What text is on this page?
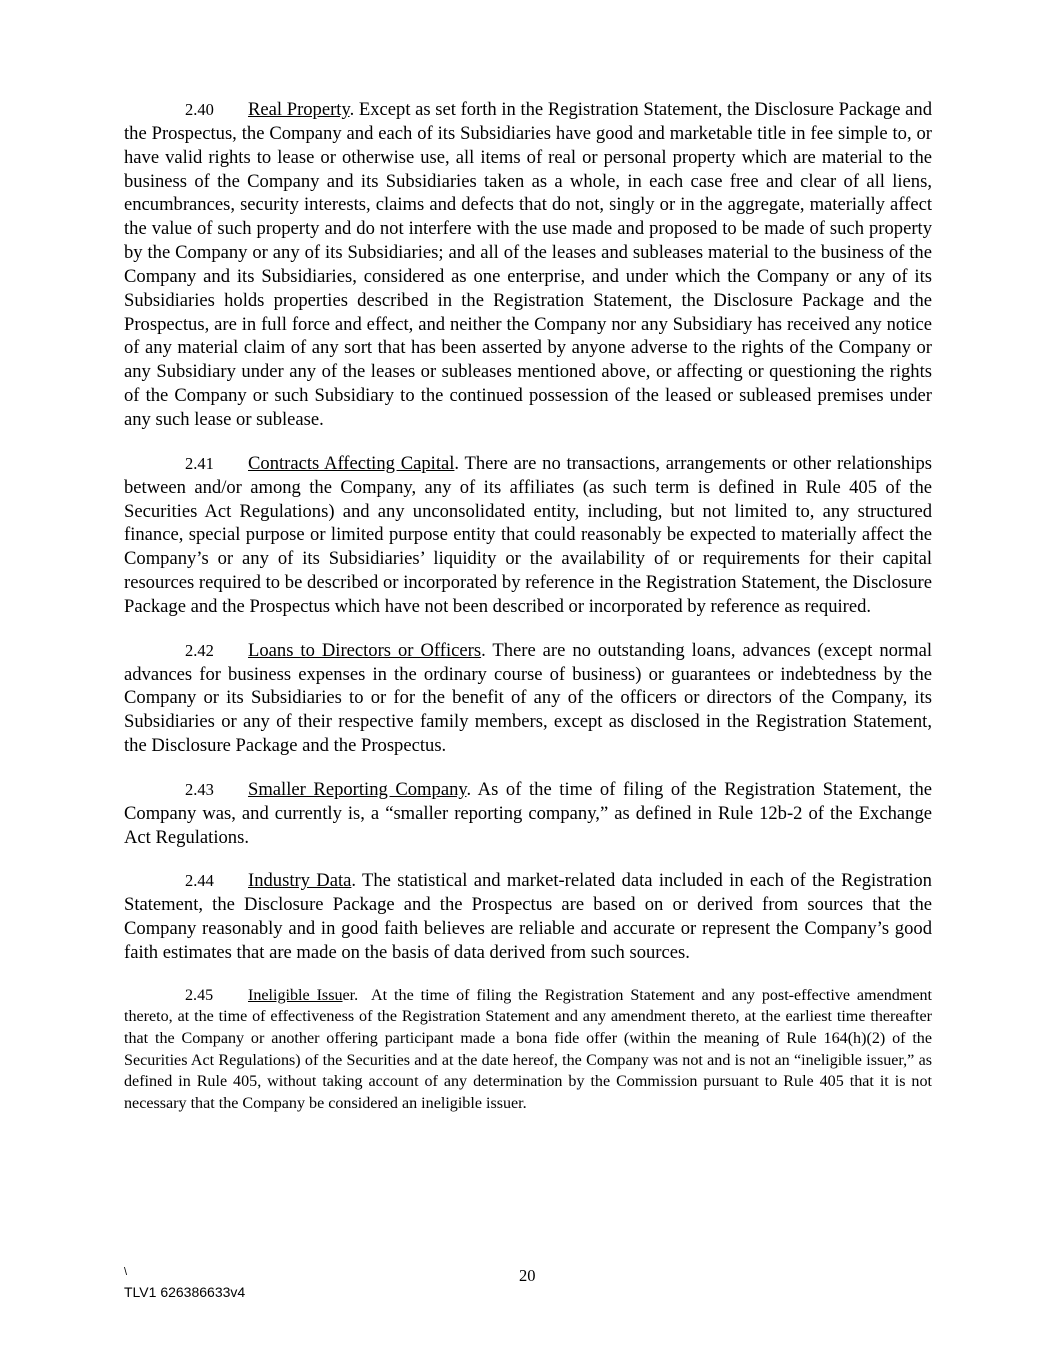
2.40 Real Property. Except as set forth in the Registration Statement, the Disclosure Package and the Prospectus, the Company and each of its Subsidiaries have good and marketable title in fee simple to, or have valid rights to lease or otherwise use, all items of real or personal property which are material to the business of the Company and its Subsidiaries taken as a whole, in each case free and clear of all liens, encumbrances, security interests, claims and defects that do not, singly or in the aggregate, materially affect the value of such property and do not interfere with the use made and proposed to be made of such property by the Company or any of its Subsidiaries; and all of the leases and subleases material to the business of the Company and its Subsidiaries, considered as one enterprise, and under which the Company or any of its Subsidiaries holds properties described in the Registration Statement, the Disclosure Package and the Prospectus, are in full force and effect, and neither the Company nor any Subsidiary has received any notice of any material claim of any sort that has been asserted by anyone adverse to the rights of the Company or any Subsidiary under any of the leases or subleases mentioned above, or affecting or questioning the rights of the Company or such Subsidiary to the continued possession of the leased or subleased premises under any such lease or sublease.

2.41 Contracts Affecting Capital. There are no transactions, arrangements or other relationships between and/or among the Company, any of its affiliates (as such term is defined in Rule 405 of the Securities Act Regulations) and any unconsolidated entity, including, but not limited to, any structured finance, special purpose or limited purpose entity that could reasonably be expected to materially affect the Company’s or any of its Subsidiaries’ liquidity or the availability of or requirements for their capital resources required to be described or incorporated by reference in the Registration Statement, the Disclosure Package and the Prospectus which have not been described or incorporated by reference as required.

2.42 Loans to Directors or Officers. There are no outstanding loans, advances (except normal advances for business expenses in the ordinary course of business) or guarantees or indebtedness by the Company or its Subsidiaries to or for the benefit of any of the officers or directors of the Company, its Subsidiaries or any of their respective family members, except as disclosed in the Registration Statement, the Disclosure Package and the Prospectus.

2.43 Smaller Reporting Company. As of the time of filing of the Registration Statement, the Company was, and currently is, a “smaller reporting company,” as defined in Rule 12b-2 of the Exchange Act Regulations.

2.44 Industry Data. The statistical and market-related data included in each of the Registration Statement, the Disclosure Package and the Prospectus are based on or derived from sources that the Company reasonably and in good faith believes are reliable and accurate or represent the Company’s good faith estimates that are made on the basis of data derived from such sources.

2.45 Ineligible Issuer.  At the time of filing the Registration Statement and any post-effective amendment thereto, at the time of effectiveness of the Registration Statement and any amendment thereto, at the earliest time thereafter that the Company or another offering participant made a bona fide offer (within the meaning of Rule 164(h)(2) of the Securities Act Regulations) of the Securities and at the date hereof, the Company was not and is not an “ineligible issuer,” as defined in Rule 405, without taking account of any determination by the Commission pursuant to Rule 405 that it is not necessary that the Company be considered an ineligible issuer.

\	20
TLV1 626386633v4
